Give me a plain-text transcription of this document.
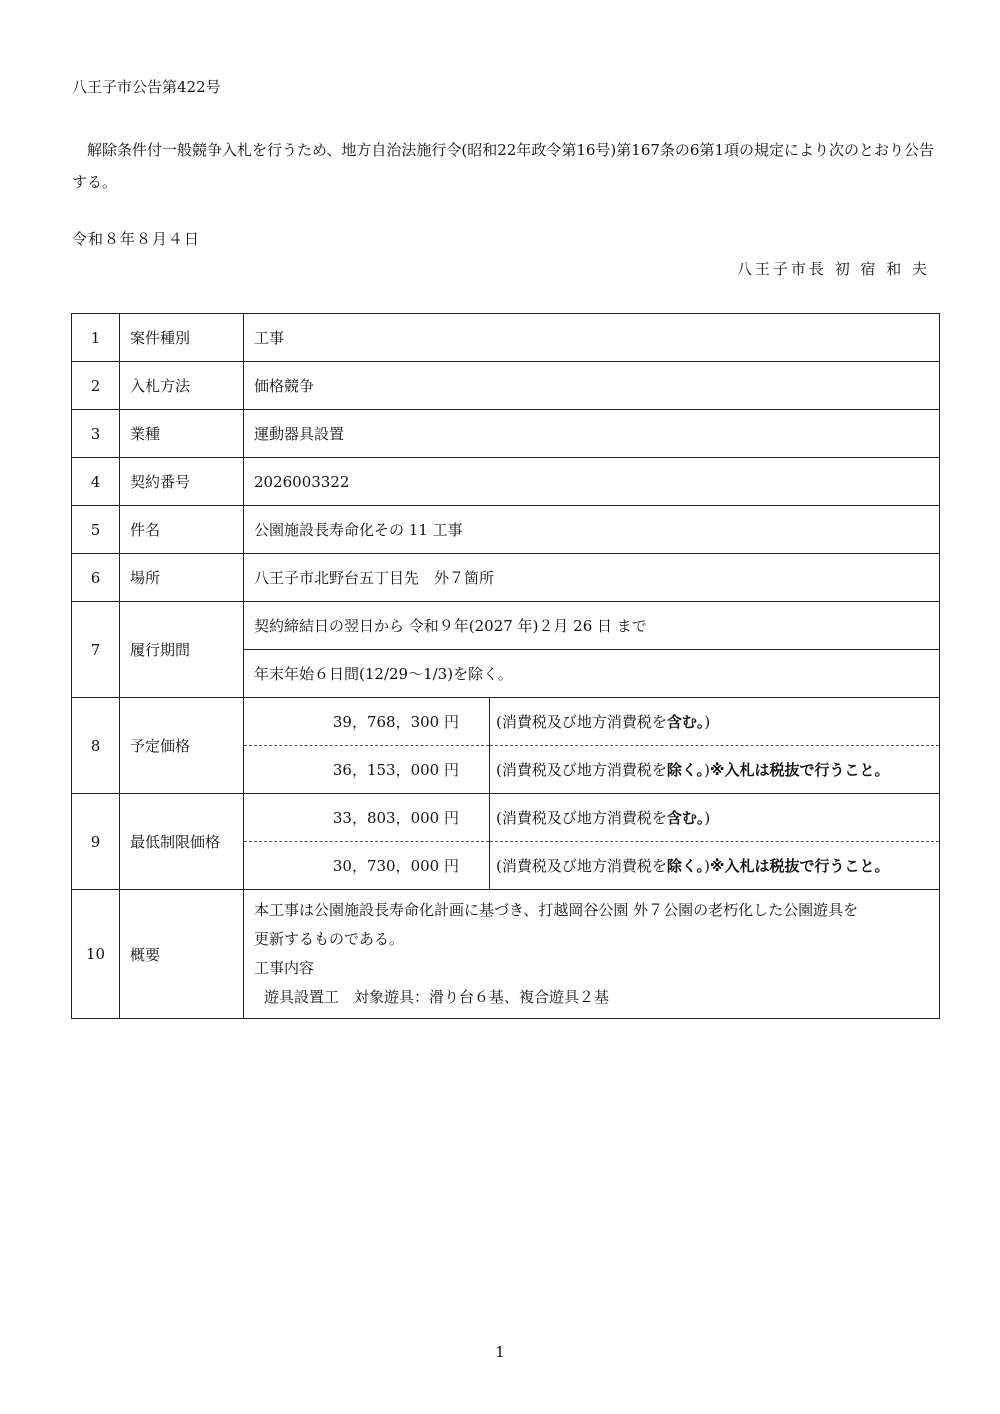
八王子市公告第422号
解除条件付一般競争入札を行うため、地方自治法施行令(昭和22年政令第16号)第167条の6第1項の規定により次のとおり公告する。
令和８年８月４日
八王子市長 初 宿 和 夫
1	案件種別	工事	
2	入札方法	価格競争	
3	業種	運動器具設置	
4	契約番号	2026003322	
5	件名	公園施設長寿命化その 11 工事	
6	場所	八王子市北野台五丁目先　外７箇所	
7	履行期間	契約締結日の翌日から 令和９年(2027 年)２月 26 日 まで	
		年末年始６日間(12/29～1/3)を除く。	
8	予定価格	39，768，300 円	(消費税及び地方消費税を含む。)
		36，153，000 円	(消費税及び地方消費税を除く。)※入札は税抜で行うこと。
9	最低制限価格	33，803，000 円	(消費税及び地方消費税を含む。)
		30，730，000 円	(消費税及び地方消費税を除く。)※入札は税抜で行うこと。
10	概要	本工事は公園施設長寿命化計画に基づき、打越岡谷公園 外７公園の老朽化した公園遊具を
更新するものである。
工事内容
遊具設置工　対象遊具：滑り台６基、複合遊具２基	
1
